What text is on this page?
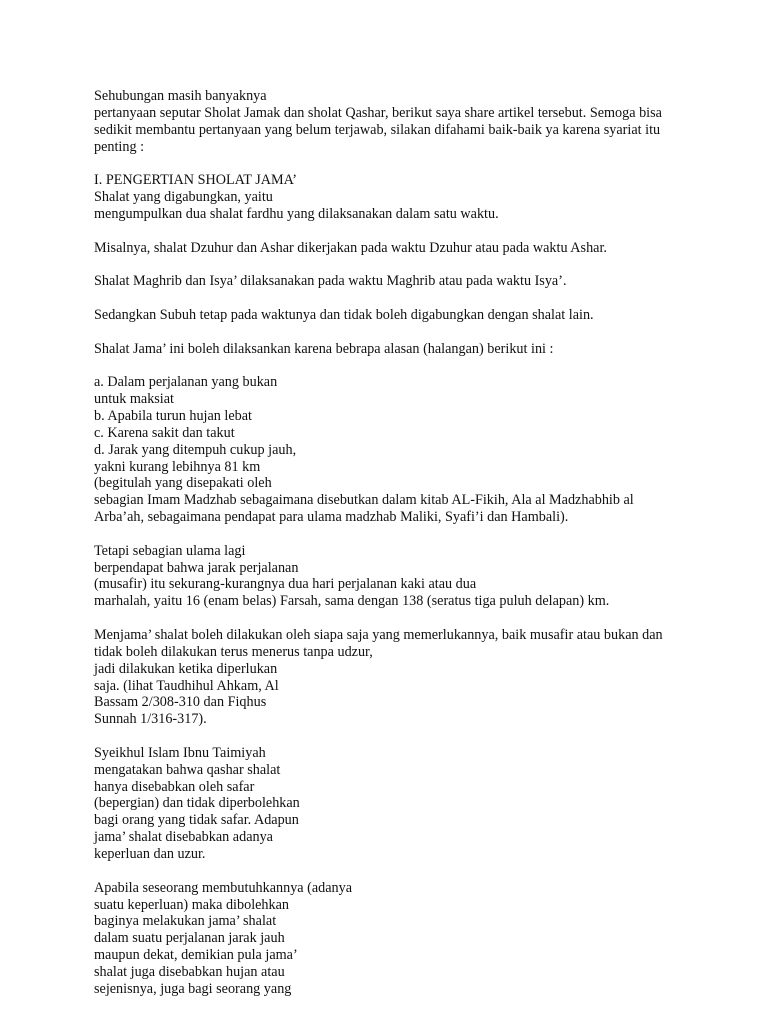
Sehubungan masih banyaknya
pertanyaan seputar Sholat Jamak dan sholat Qashar, berikut saya share artikel tersebut. Semoga bisa
sedikit membantu pertanyaan yang belum terjawab, silakan difahami baik-baik ya karena syariat itu
penting :
I. PENGERTIAN SHOLAT JAMA’
Shalat yang digabungkan, yaitu
mengumpulkan dua shalat fardhu yang dilaksanakan dalam satu waktu.
Misalnya, shalat Dzuhur dan Ashar dikerjakan pada waktu Dzuhur atau pada waktu Ashar.
Shalat Maghrib dan Isya’ dilaksanakan pada waktu Maghrib atau pada waktu Isya’.
Sedangkan Subuh tetap pada waktunya dan tidak boleh digabungkan dengan shalat lain.
Shalat Jama’ ini boleh dilaksankan karena bebrapa alasan (halangan) berikut ini :
a. Dalam perjalanan yang bukan
untuk maksiat
b. Apabila turun hujan lebat
c. Karena sakit dan takut
d. Jarak yang ditempuh cukup jauh,
yakni kurang lebihnya 81 km
(begitulah yang disepakati oleh
sebagian Imam Madzhab sebagaimana disebutkan dalam kitab AL-Fikih, Ala al Madzhabhib al
Arba’ah, sebagaimana pendapat para ulama madzhab Maliki, Syafi’i dan Hambali).
Tetapi sebagian ulama lagi
berpendapat bahwa jarak perjalanan
(musafir) itu sekurang-kurangnya dua hari perjalanan kaki atau dua
marhalah, yaitu 16 (enam belas) Farsah, sama dengan 138 (seratus tiga puluh delapan) km.
Menjama’ shalat boleh dilakukan oleh siapa saja yang memerlukannya, baik musafir atau bukan dan
tidak boleh dilakukan terus menerus tanpa udzur,
jadi dilakukan ketika diperlukan
saja. (lihat Taudhihul Ahkam, Al
Bassam 2/308-310 dan Fiqhus
Sunnah 1/316-317).
Syeikhul Islam Ibnu Taimiyah
mengatakan bahwa qashar shalat
hanya disebabkan oleh safar
(bepergian) dan tidak diperbolehkan
bagi orang yang tidak safar. Adapun
jama’ shalat disebabkan adanya
keperluan dan uzur.
Apabila seseorang membutuhkannya (adanya
suatu keperluan) maka dibolehkan
baginya melakukan jama’ shalat
dalam suatu perjalanan jarak jauh
maupun dekat, demikian pula jama’
shalat juga disebabkan hujan atau
sejenisnya, juga bagi seorang yang
